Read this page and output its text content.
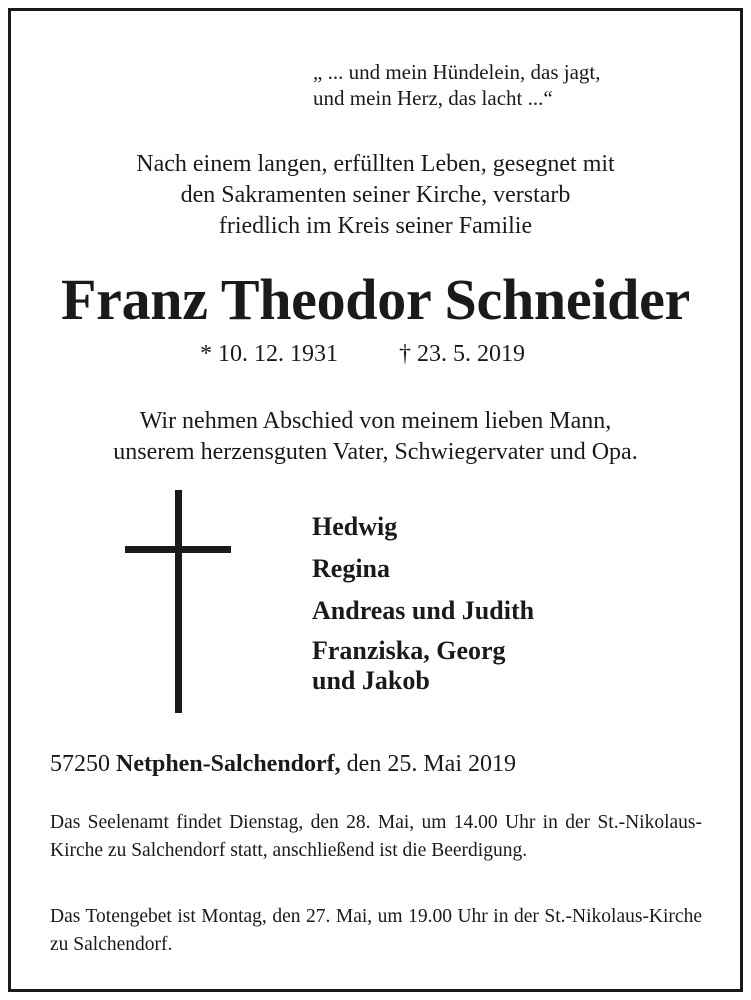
„ ... und mein Hündelein, das jagt,
und mein Herz, das lacht ...“
Nach einem langen, erfüllten Leben, gesegnet mit
den Sakramenten seiner Kirche, verstarb
friedlich im Kreis seiner Familie
Franz Theodor Schneider
* 10. 12. 1931	† 23. 5. 2019
Wir nehmen Abschied von meinem lieben Mann,
unserem herzensguten Vater, Schwiegervater und Opa.
Hedwig
Regina
Andreas und Judith
Franziska, Georg
und Jakob
57250 Netphen-Salchendorf, den 25. Mai 2019
Das Seelenamt findet Dienstag, den 28. Mai, um 14.00 Uhr in der St.-Nikolaus-Kirche zu Salchendorf statt, anschließend ist die Beerdigung.
Das Totengebet ist Montag, den 27. Mai, um 19.00 Uhr in der St.-Nikolaus-Kirche zu Salchendorf.
